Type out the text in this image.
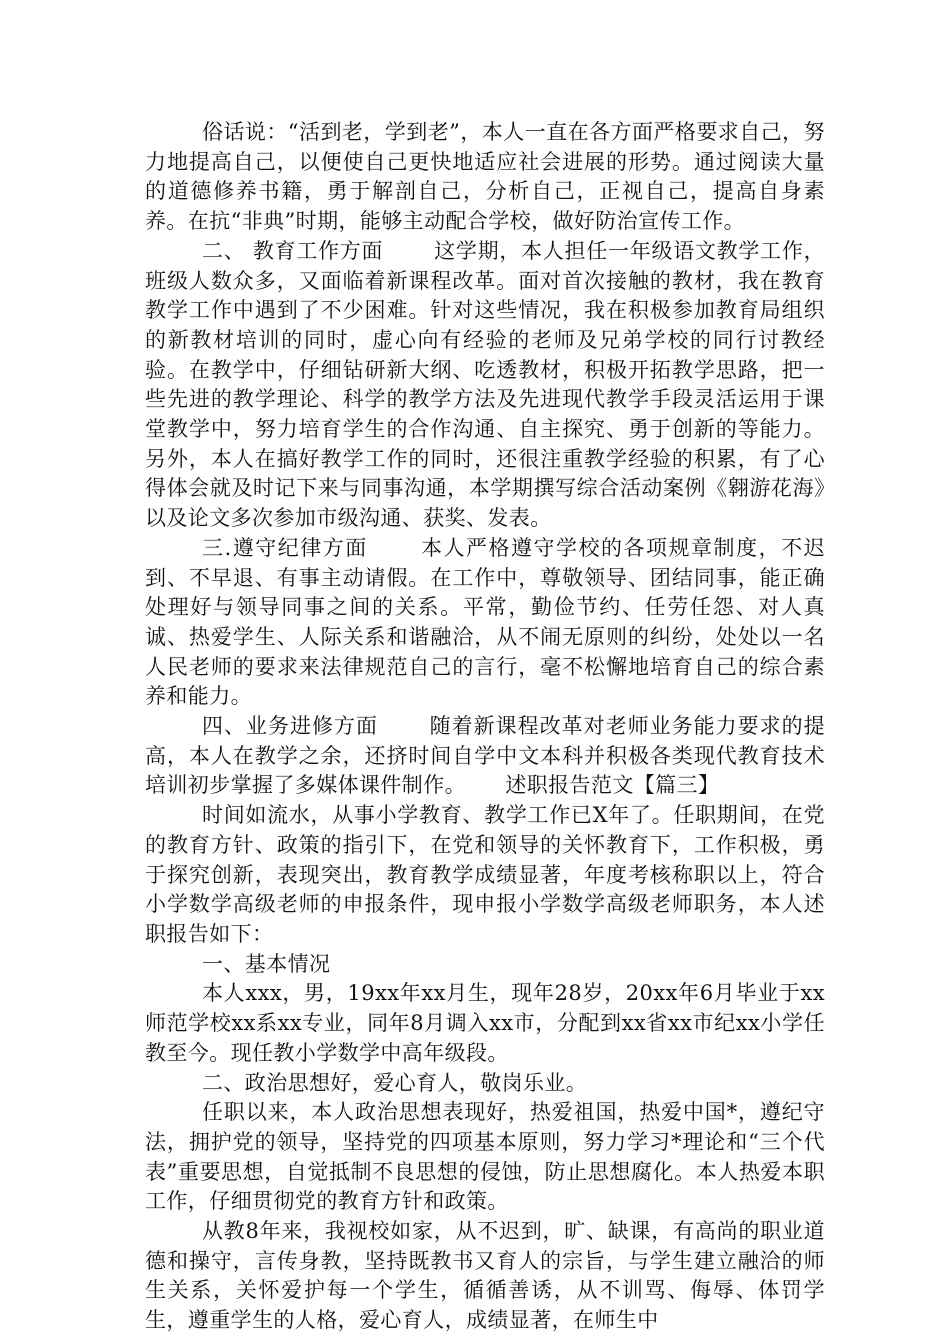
俗话说：“活到老，学到老”，本人一直在各方面严格要求自己，努力地提高自己，以便使自己更快地适应社会进展的形势。通过阅读大量的道德修养书籍，勇于解剖自己，分析自己，正视自己，提高自身素养。在抗“非典”时期，能够主动配合学校，做好防治宣传工作。

二、 教育工作方面　　 这学期，本人担任一年级语文教学工作，班级人数众多，又面临着新课程改革。面对首次接触的教材，我在教育教学工作中遇到了不少困难。针对这些情况，我在积极参加教育局组织的新教材培训的同时，虚心向有经验的老师及兄弟学校的同行讨教经验。在教学中，仔细钻研新大纲、吃透教材，积极开拓教学思路，把一些先进的教学理论、科学的教学方法及先进现代教学手段灵活运用于课堂教学中，努力培育学生的合作沟通、自主探究、勇于创新的等能力。另外，本人在搞好教学工作的同时，还很注重教学经验的积累，有了心得体会就及时记下来与同事沟通，本学期撰写综合活动案例《翱游花海》以及论文多次参加市级沟通、获奖、发表。

三.遵守纪律方面　　 本人严格遵守学校的各项规章制度，不迟到、不早退、有事主动请假。在工作中，尊敬领导、团结同事，能正确处理好与领导同事之间的关系。平常，勤俭节约、任劳任怨、对人真诚、热爱学生、人际关系和谐融洽，从不闹无原则的纠纷，处处以一名人民老师的要求来法律规范自己的言行，毫不松懈地培育自己的综合素养和能力。

四、业务进修方面　　 随着新课程改革对老师业务能力要求的提高，本人在教学之余，还挤时间自学中文本科并积极各类现代教育技术培训初步掌握了多媒体课件制作。　　 述职报告范文【篇三】

时间如流水，从事小学教育、教学工作已X年了。任职期间，在党的教育方针、政策的指引下，在党和领导的关怀教育下，工作积极，勇于探究创新，表现突出，教育教学成绩显著，年度考核称职以上，符合小学数学高级老师的申报条件，现申报小学数学高级老师职务，本人述职报告如下：

一、基本情况

本人xxx，男，19xx年xx月生，现年28岁，20xx年6月毕业于xx师范学校xx系xx专业，同年8月调入xx市，分配到xx省xx市纪xx小学任教至今。现任教小学数学中高年级段。

二、政治思想好，爱心育人，敬岗乐业。

任职以来，本人政治思想表现好，热爱祖国，热爱中国*，遵纪守法，拥护党的领导，坚持党的四项基本原则，努力学习*理论和“三个代表”重要思想，自觉抵制不良思想的侵蚀，防止思想腐化。本人热爱本职工作，仔细贯彻党的教育方针和政策。

从教8年来，我视校如家，从不迟到，旷、缺课，有高尚的职业道德和操守，言传身教，坚持既教书又育人的宗旨，与学生建立融洽的师生关系，关怀爱护每一个学生，循循善诱，从不训骂、侮辱、体罚学生，遵重学生的人格，爱心育人，成绩显著，在师生中
